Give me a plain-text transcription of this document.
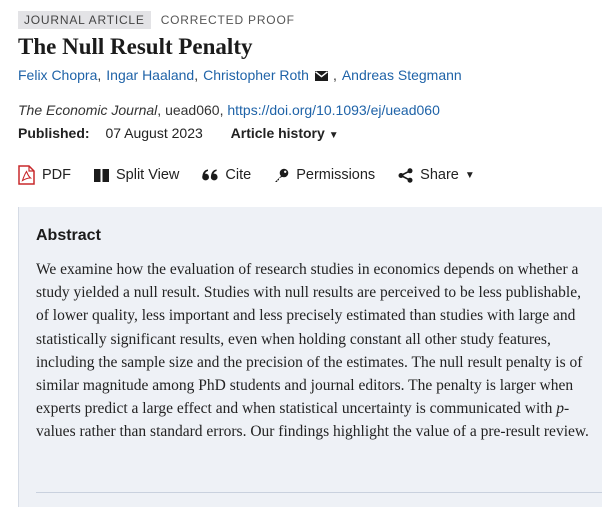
JOURNAL ARTICLE	CORRECTED PROOF
The Null Result Penalty
Felix Chopra , Ingar Haaland , Christopher Roth , Andreas Stegmann
The Economic Journal, uead060, https://doi.org/10.1093/ej/uead060
Published: 07 August 2023 Article history ▼
PDF	Split View	Cite	Permissions	Share ▼
Abstract

We examine how the evaluation of research studies in economics depends on whether a study yielded a null result. Studies with null results are perceived to be less publishable, of lower quality, less important and less precisely estimated than studies with large and statistically significant results, even when holding constant all other study features, including the sample size and the precision of the estimates. The null result penalty is of similar magnitude among PhD students and journal editors. The penalty is larger when experts predict a large effect and when statistical uncertainty is communicated with p-values rather than standard errors. Our findings highlight the value of a pre-result review.
